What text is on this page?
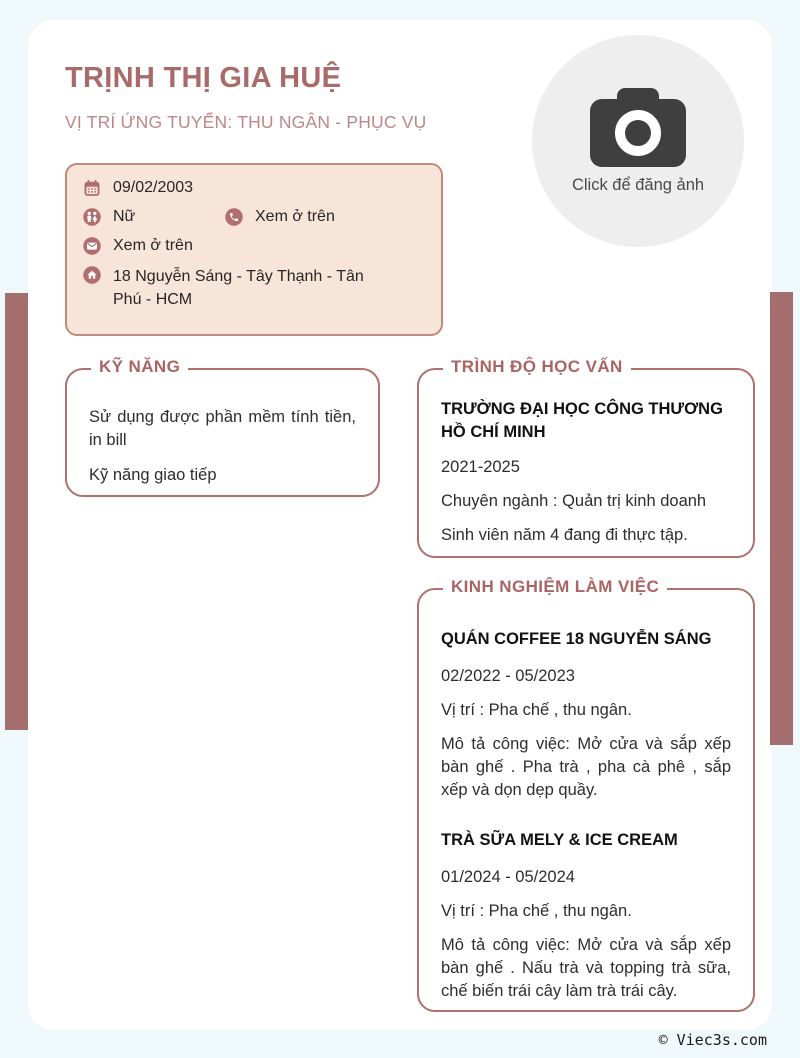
TRỊNH THỊ GIA HUỆ
VỊ TRÍ ỨNG TUYỂN: THU NGÂN - PHỤC VỤ
Click để đăng ảnh
09/02/2003
Nữ	Xem ở trên
Xem ở trên
18 Nguyễn Sáng - Tây Thạnh - Tân Phú - HCM
KỸ NĂNG

Sử dụng được phần mềm tính tiền, in bill

Kỹ năng giao tiếp

TRÌNH ĐỘ HỌC VẤN

TRƯỜNG ĐẠI HỌC CÔNG THƯƠNG HỒ CHÍ MINH

2021-2025

Chuyên ngành : Quản trị kinh doanh

Sinh viên năm 4 đang đi thực tập.

KINH NGHIỆM LÀM VIỆC

QUÁN COFFEE 18 NGUYỄN SÁNG

02/2022 - 05/2023

Vị trí : Pha chế , thu ngân.

Mô tả công việc: Mở cửa và sắp xếp bàn ghế . Pha trà , pha cà phê , sắp xếp và dọn dẹp quầy.

TRÀ SỮA MELY & ICE CREAM

01/2024 - 05/2024

Vị trí : Pha chế , thu ngân.

Mô tả công việc: Mở cửa và sắp xếp bàn ghế . Nấu trà và topping trà sữa, chế biến trái cây làm trà trái cây.

© Viec3s.com
